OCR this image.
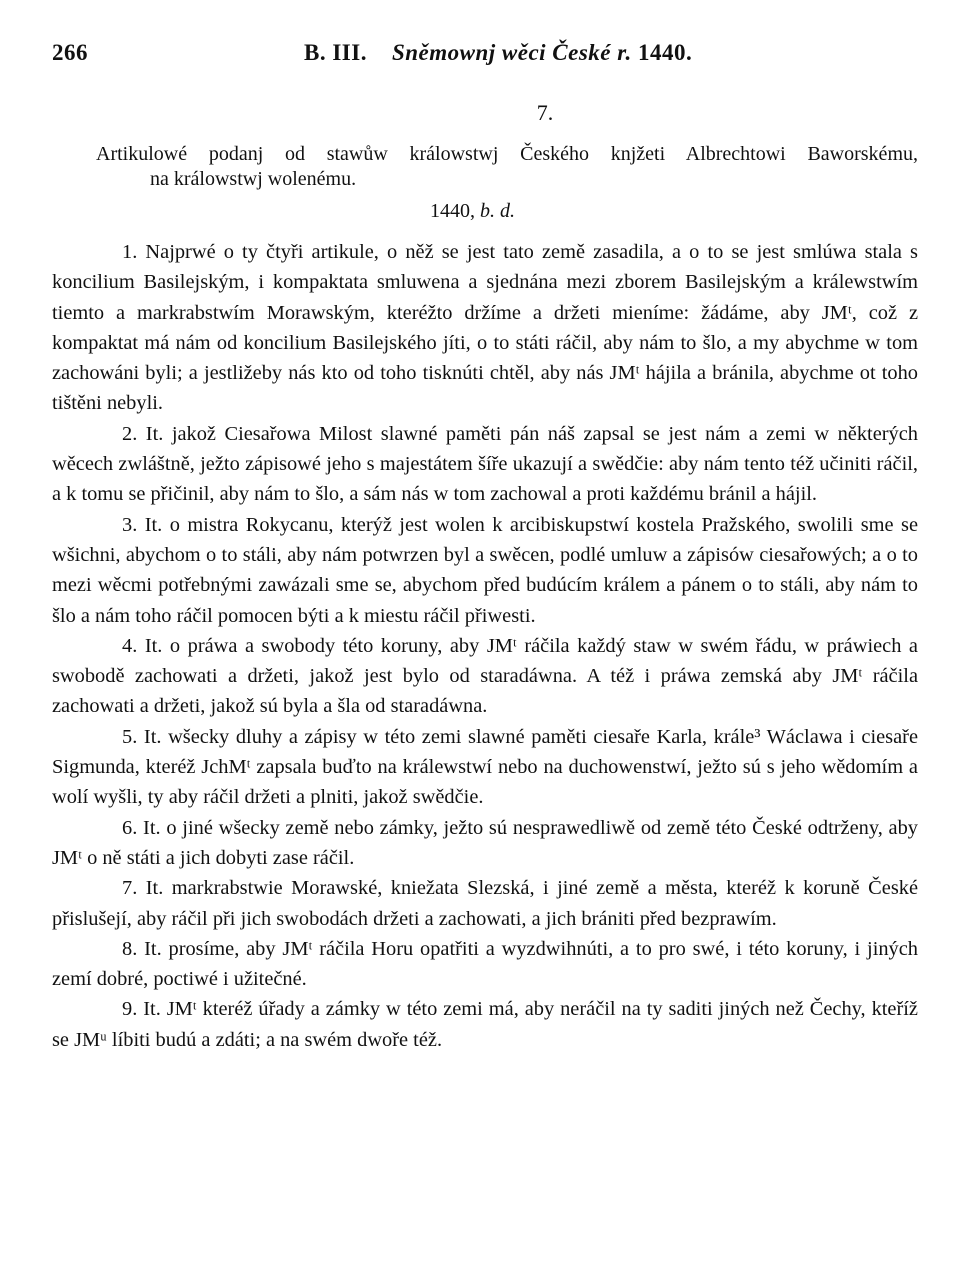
266	B. III. Sněmownj wěci České r. 1440.
7.
Artikulowé podanj od stawůw králowstwj Českého knjžeti Albrechtowi Baworskému,
na králowstwj wolenému.
1440, b. d.

1. Najprwé o ty čtyři artikule, o něž se jest tato země zasadila, a o to se jest smlúwa stala s koncilium Basilejským, i kompaktata smluwena a sjednána mezi zborem Basilejským a králewstwím tiemto a markrabstwím Morawským, kteréžto držíme a držeti mieníme: žádáme, aby JMᵗ, což z kompaktat má nám od koncilium Basilejského jíti, o to státi ráčil, aby nám to šlo, a my abychme w tom zachowáni byli; a jestližeby nás kto od toho tisknúti chtěl, aby nás JMᵗ hájila a bránila, abychme ot toho tištěni nebyli.

2. It. jakož Ciesařowa Milost slawné paměti pán náš zapsal se jest nám a zemi w některých wěcech zwláštně, ježto zápisowé jeho s majestátem šíře ukazují a swědčie: aby nám tento též učiniti ráčil, a k tomu se přičinil, aby nám to šlo, a sám nás w tom zachowal a proti každému bránil a hájil.

3. It. o mistra Rokycanu, kterýž jest wolen k arcibiskupstwí kostela Pražského, swolili sme se wšichni, abychom o to stáli, aby nám potwrzen byl a swěcen, podlé umluw a zápisów ciesařowých; a o to mezi wěcmi potřebnými zawázali sme se, abychom před budúcím králem a pánem o to stáli, aby nám to šlo a nám toho ráčil pomocen býti a k miestu ráčil přiwesti.

4. It. o práwa a swobody této koruny, aby JMᵗ ráčila každý staw w swém řádu, w práwiech a swobodě zachowati a držeti, jakož jest bylo od staradáwna. A též i práwa zemská aby JMᵗ ráčila zachowati a držeti, jakož sú byla a šla od staradáwna.

5. It. wšecky dluhy a zápisy w této zemi slawné paměti ciesaře Karla, krále³ Wáclawa i ciesaře Sigmunda, kteréž JchMᵗ zapsala buďto na králewstwí nebo na duchowenstwí, ježto sú s jeho wědomím a wolí wyšli, ty aby ráčil držeti a plniti, jakož swědčie.

6. It. o jiné wšecky země nebo zámky, ježto sú nesprawedliwě od země této České odtrženy, aby JMᵗ o ně státi a jich dobyti zase ráčil.

7. It. markrabstwie Morawské, kniežata Slezská, i jiné země a města, kteréž k koruně České přislušejí, aby ráčil při jich swobodách držeti a zachowati, a jich brániti před bezprawím.

8. It. prosíme, aby JMᵗ ráčila Horu opatřiti a wyzdwihnúti, a to pro swé, i této koruny, i jiných zemí dobré, poctiwé i užitečné.

9. It. JMᵗ kteréž úřady a zámky w této zemi má, aby neráčil na ty saditi jiných než Čechy, kteříž se JMᵘ líbiti budú a zdáti; a na swém dwoře též.
